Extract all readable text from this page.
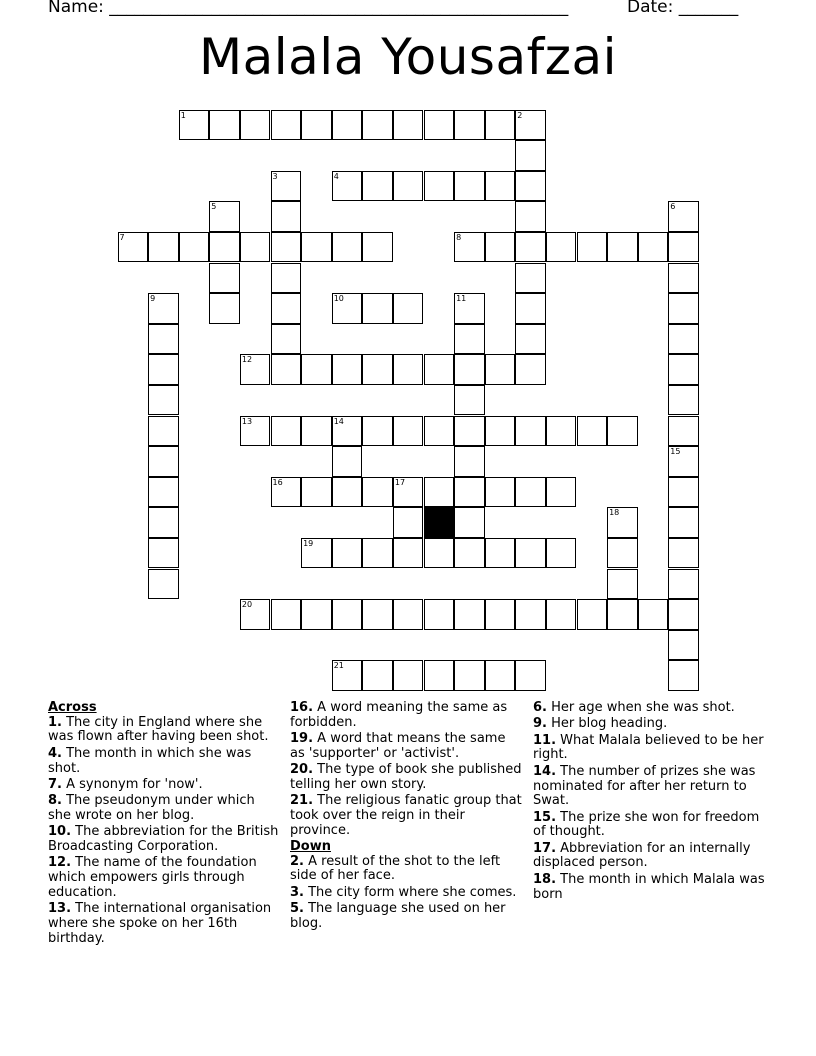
Name: ______________________________________________________	Date: _______
Malala Yousafzai
1	2
3	4
5	6
7	8
9	10	11
12
13	14
15
16	17
18
19
20
21
Across
1. The city in England where she was flown after having been shot.
4. The month in which she was shot.
7. A synonym for 'now'.
8. The pseudonym under which she wrote on her blog.
10. The abbreviation for the British Broadcasting Corporation.
12. The name of the foundation which empowers girls through education.
13. The international organisation where she spoke on her 16th birthday.
16. A word meaning the same as forbidden.
19. A word that means the same as 'supporter' or 'activist'.
20. The type of book she published telling her own story.
21. The religious fanatic group that took over the reign in their province.
Down
2. A result of the shot to the left side of her face.
3. The city form where she comes.
5. The language she used on her blog.
6. Her age when she was shot.
9. Her blog heading.
11. What Malala believed to be her right.
14. The number of prizes she was nominated for after her return to Swat.
15. The prize she won for freedom of thought.
17. Abbreviation for an internally displaced person.
18. The month in which Malala was born
